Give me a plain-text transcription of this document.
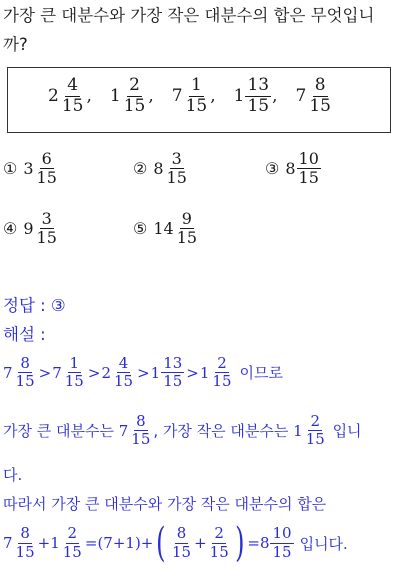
가장 큰 대분수와 가장 작은 대분수의 합은 무엇입니
까?
$2 \frac{4}{15}$ , $1 \frac{2}{15}$ , $7 \frac{1}{15}$ , $1 \frac{13}{15}$ , $7 \frac{8}{15}$
① $3 \frac{6}{15}$	② $8 \frac{3}{15}$	③ $8 \frac{10}{15}$
④ $9 \frac{3}{15}$	⑤ $14 \frac{9}{15}$
정답 : ③
해설 :
$7 \frac{8}{15} > 7 \frac{1}{15} > 2 \frac{4}{15} > 1 \frac{13}{15} > 1 \frac{2}{15}$ 이므로
가장 큰 대분수는 $7 \frac{8}{15}$ , 가장 작은 대분수는 $1 \frac{2}{15}$ 입니
다.
따라서 가장 큰 대분수와 가장 작은 대분수의 합은
$7 \frac{8}{15} + 1 \frac{2}{15} = (7+1)$ + ( $\frac{8}{15} + \frac{2}{15}$ ) = $8 \frac{10}{15}$ 입니다.
